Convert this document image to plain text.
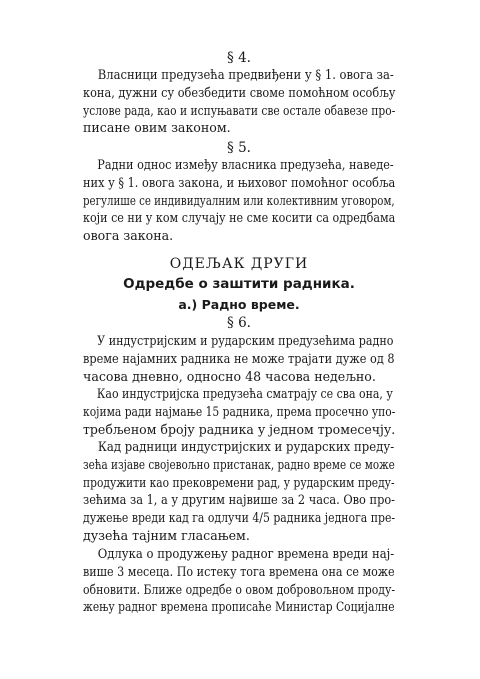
§ 4.
Власници предузећа предвиђени у § 1. овога за-
кона, дужни су обезбедити своме помоћном особљу
услове рада, као и испуњавати све остале обавезе про-
писане овим законом.
§ 5.
Радни однос између власника предузећа, наведе-
них у § 1. овога закона, и њиховог помоћног особља
регулише се индивидуалним или колективним уговором,
који се ни у ком случају не сме косити са одредбама
овога закона.
ОДЕЉАК ДРУГИ
Одредбе о заштити радника.
а.) Радно време.
§ 6.
У индустријским и рударским предузећима радно
време најамних радника не може трајати дуже од 8
часова дневно, односно 48 часова недељно.
Као индустријска предузећа сматрају се сва она, у
којима ради најмање 15 радника, према просечно упо-
требљеном броју радника у једном тромесечју.
Кад радници индустријских и рударских преду-
зећа изјаве својевољно пристанак, радно време се може
продужити као прековремени рад, у рударским преду-
зећима за 1, а у другим највише за 2 часа. Ово про-
дужење вреди кад га одлучи 4/5 радника једнога пре-
дузећа тајним гласањем.
Одлука о продужењу радног времена вреди нај-
више 3 месеца. По истеку тога времена она се може
обновити. Ближе одредбе о овом добровољном проду-
жењу радног времена прописаће Министар Социјалне
